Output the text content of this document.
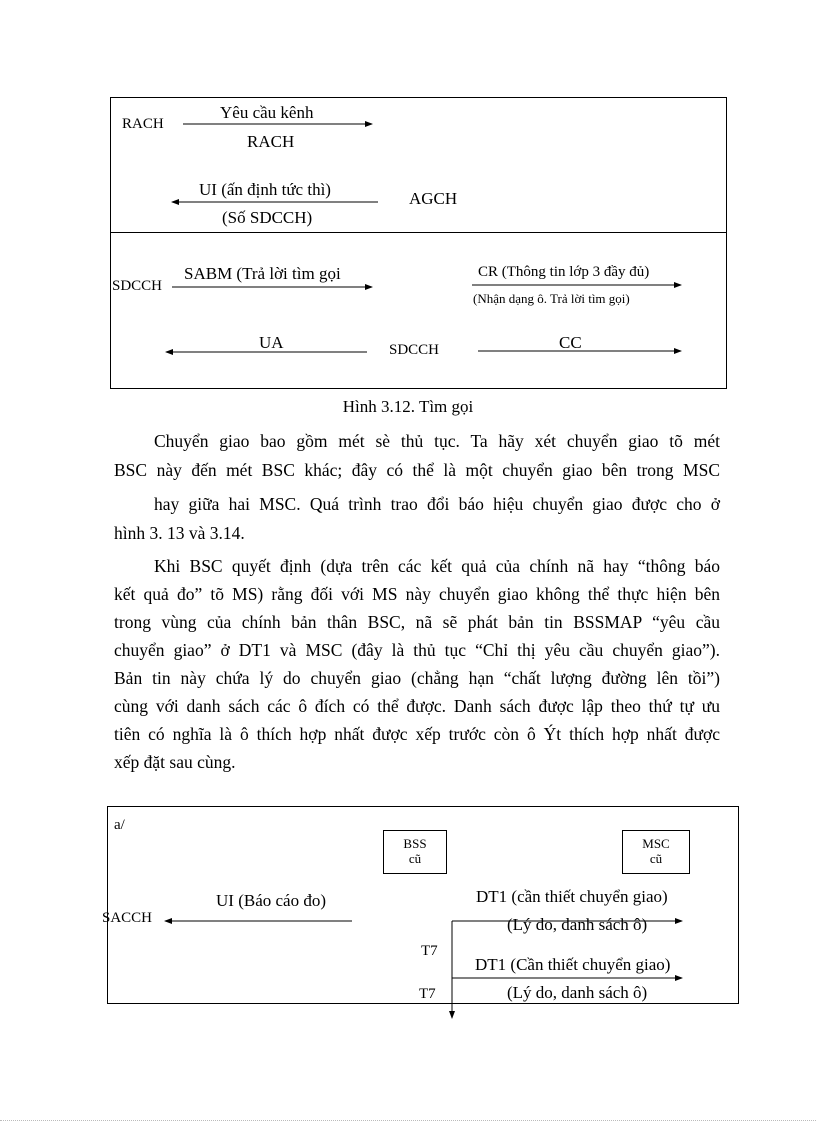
RACH
Yêu cầu kênh
RACH
UI (ấn định tức thì)
(Số SDCCH)
AGCH
SDCCH
SABM (Trả lời tìm gọi	CR (Thông tin lớp 3 đầy đủ)
(Nhận dạng ô. Trả lời tìm gọi)
UA	SDCCH	CC
Hình 3.12. Tìm gọi
Chuyển giao bao gồm mét sè thủ tục. Ta hãy xét chuyển giao tõ mét
BSC này đến mét BSC khác; đây có thể là một chuyển giao bên trong MSC
hay giữa hai MSC. Quá trình trao đổi báo hiệu chuyển giao được cho ở
hình 3. 13 và 3.14.
Khi BSC quyết định (dựa trên các kết quả của chính nã hay “thông báo
kết quả đo” tõ MS) rằng đối với MS này chuyển giao không thể thực hiện bên
trong vùng của chính bản thân BSC, nã sẽ phát bản tin BSSMAP “yêu cầu
chuyển giao” ở DT1 và MSC (đây là thủ tục “Chỉ thị yêu cầu chuyển giao”).
Bản tin này chứa lý do chuyển giao (chẳng hạn “chất lượng đường lên tồi”)
cùng với danh sách các ô đích có thể được. Danh sách được lập theo thứ tự ưu
tiên có nghĩa là ô thích hợp nhất được xếp trước còn ô Ýt thích hợp nhất được
xếp đặt sau cùng.
a/
BSS
cũ
MSC
cũ
UI (Báo cáo đo)
SACCH
DT1 (cần thiết chuyển giao)
(Lý do, danh sách ô)
T7
DT1 (Cần thiết chuyển giao)
(Lý do, danh sách ô)
T7
